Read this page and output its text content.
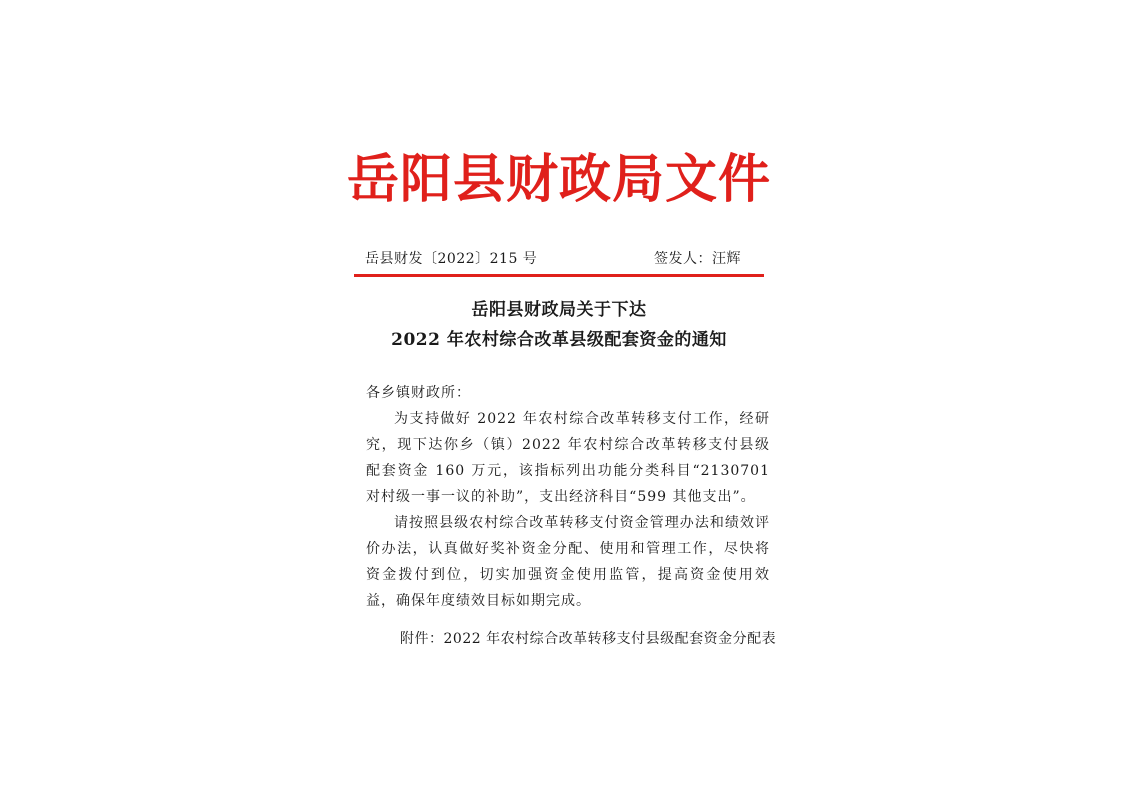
岳阳县财政局文件
岳县财发〔2022〕215 号	签发人：汪辉
岳阳县财政局关于下达
2022 年农村综合改革县级配套资金的通知

各乡镇财政所：

为支持做好 2022 年农村综合改革转移支付工作，经研究，现下达你乡（镇）2022 年农村综合改革转移支付县级配套资金 160 万元，该指标列出功能分类科目“2130701 对村级一事一议的补助”，支出经济科目“599 其他支出”。

请按照县级农村综合改革转移支付资金管理办法和绩效评价办法，认真做好奖补资金分配、使用和管理工作，尽快将资金拨付到位，切实加强资金使用监管，提高资金使用效益，确保年度绩效目标如期完成。

附件：2022 年农村综合改革转移支付县级配套资金分配表
